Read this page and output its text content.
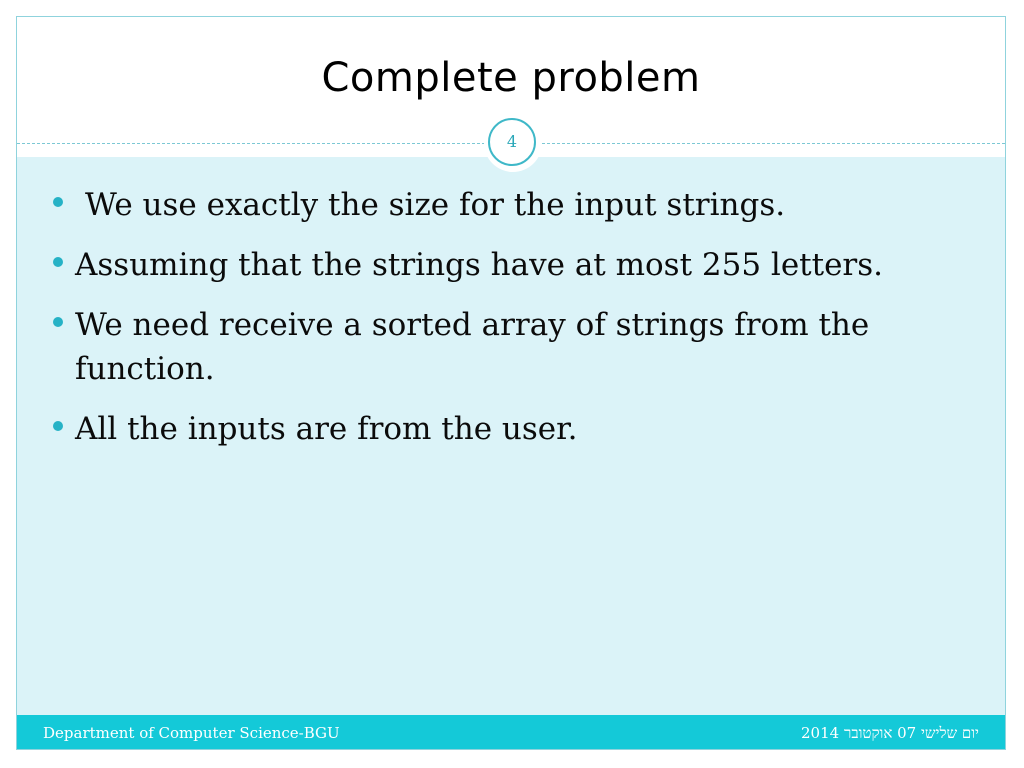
Complete problem
4
We use exactly the size for the input strings.
Assuming that the strings have at most 255 letters.
We need receive a sorted array of strings from the function.
All the inputs are from the user.
Department of Computer Science-BGU	יום שלישי 07 אוקטובר 2014
